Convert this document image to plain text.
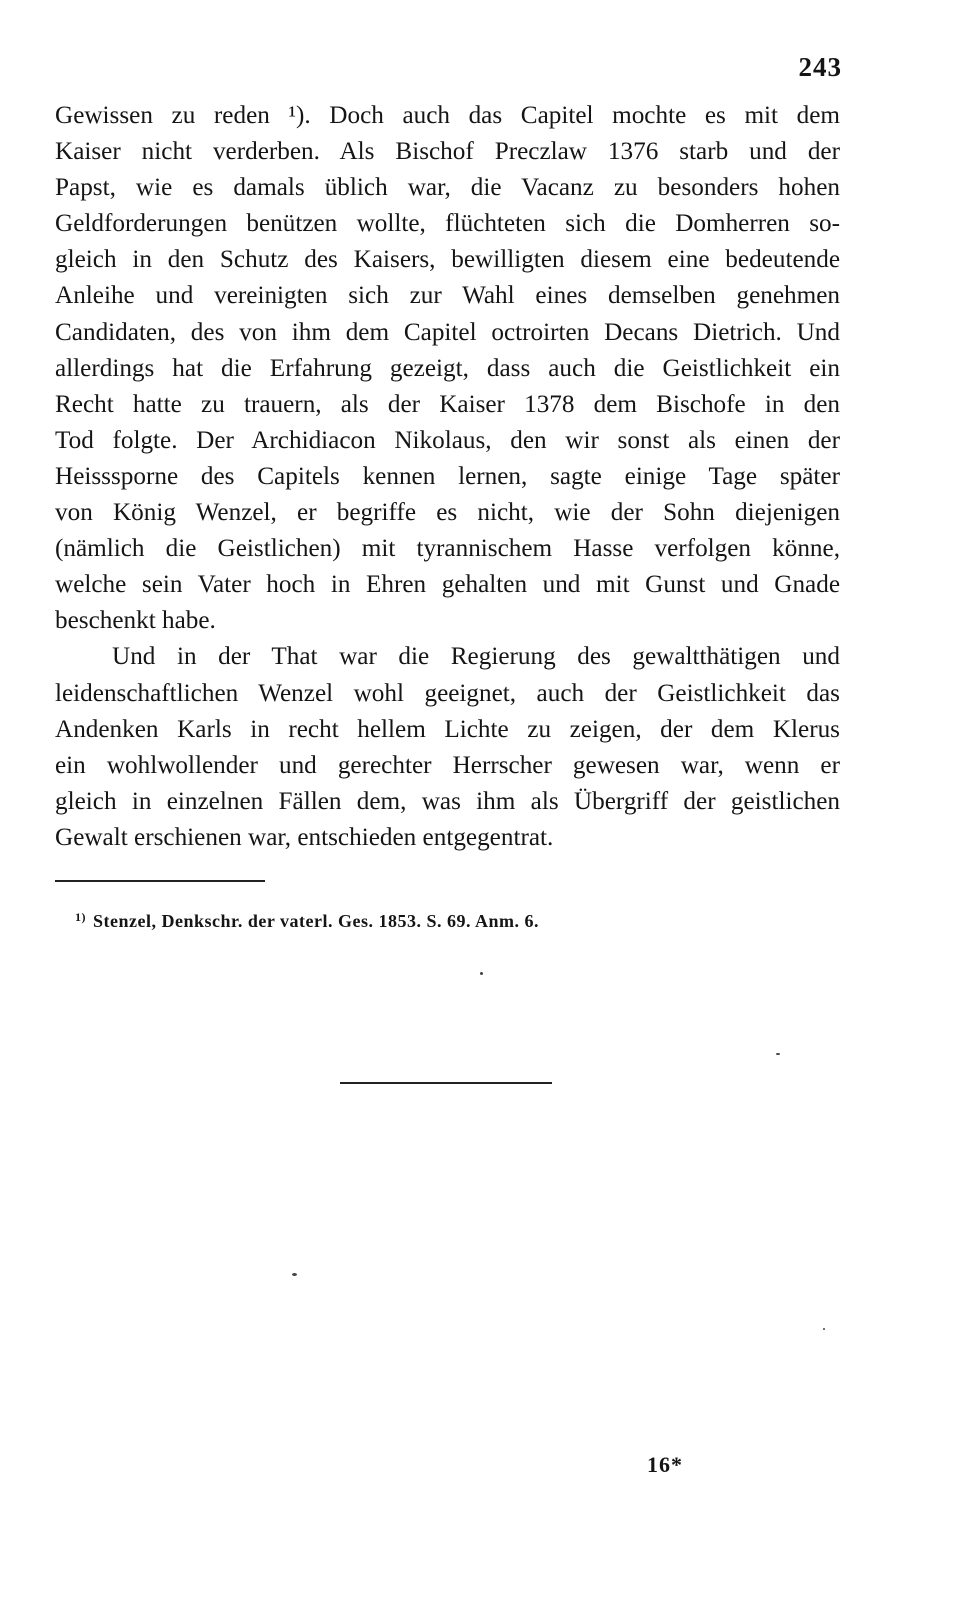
243
Gewissen zu reden ¹). Doch auch das Capitel mochte es mit dem
Kaiser nicht verderben. Als Bischof Preczlaw 1376 starb und der
Papst, wie es damals üblich war, die Vacanz zu besonders hohen
Geldforderungen benützen wollte, flüchteten sich die Domherren so-
gleich in den Schutz des Kaisers, bewilligten diesem eine bedeutende
Anleihe und vereinigten sich zur Wahl eines demselben genehmen
Candidaten, des von ihm dem Capitel octroirten Decans Dietrich. Und
allerdings hat die Erfahrung gezeigt, dass auch die Geistlichkeit ein
Recht hatte zu trauern, als der Kaiser 1378 dem Bischofe in den
Tod folgte. Der Archidiacon Nikolaus, den wir sonst als einen der
Heisssporne des Capitels kennen lernen, sagte einige Tage später
von König Wenzel, er begriffe es nicht, wie der Sohn diejenigen
(nämlich die Geistlichen) mit tyrannischem Hasse verfolgen könne,
welche sein Vater hoch in Ehren gehalten und mit Gunst und Gnade
beschenkt habe.
Und in der That war die Regierung des gewaltthätigen und
leidenschaftlichen Wenzel wohl geeignet, auch der Geistlichkeit das
Andenken Karls in recht hellem Lichte zu zeigen, der dem Klerus
ein wohlwollender und gerechter Herrscher gewesen war, wenn er
gleich in einzelnen Fällen dem, was ihm als Übergriff der geistlichen
Gewalt erschienen war, entschieden entgegentrat.
$^{1)}$ Stenzel, Denkschr. der vaterl. Ges. 1853. S. 69. Anm. 6.
16*
